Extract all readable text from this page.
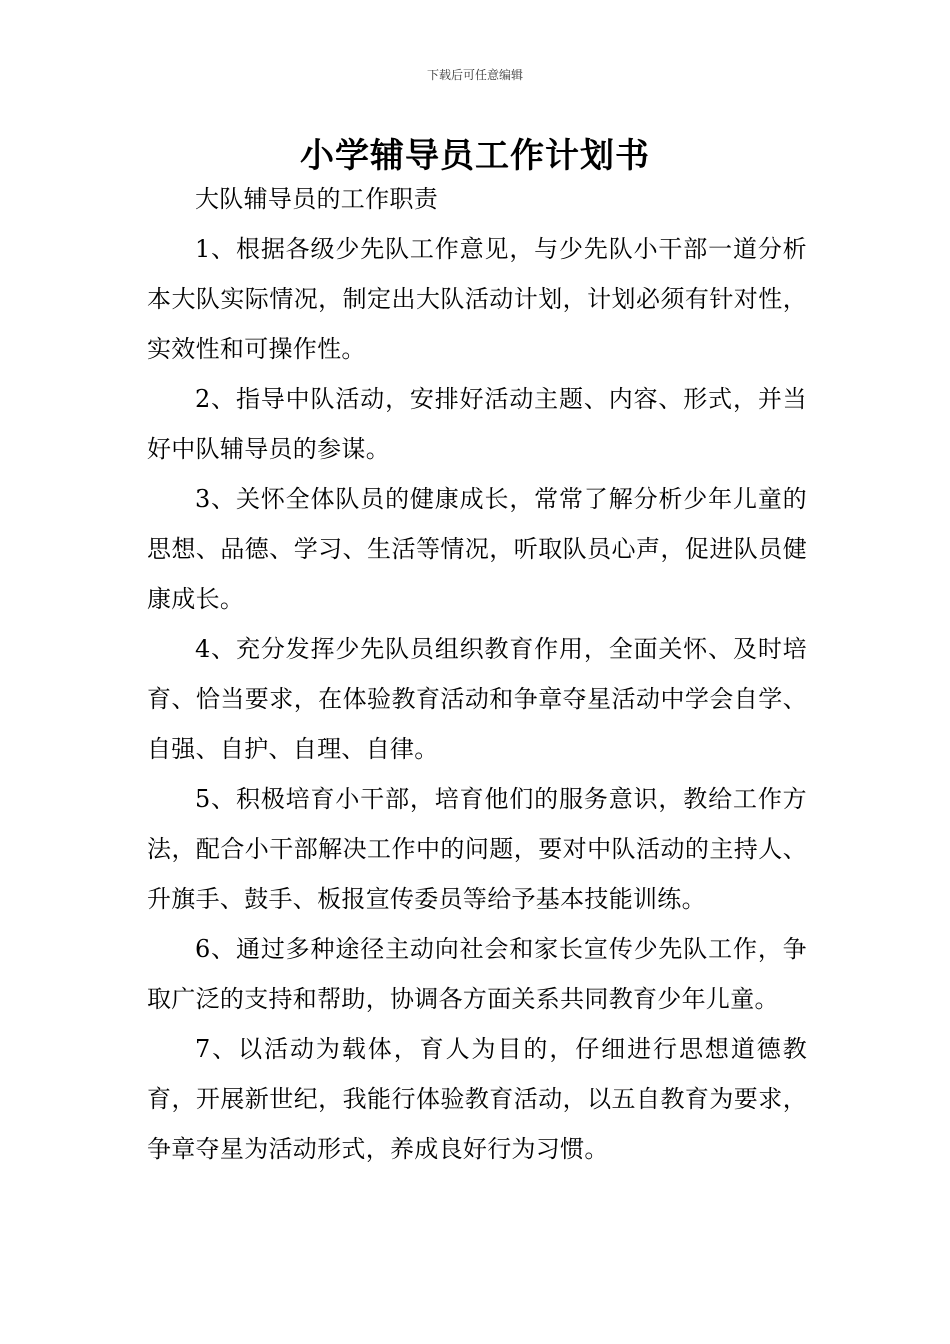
下载后可任意编辑
小学辅导员工作计划书

大队辅导员的工作职责

1、根据各级少先队工作意见，与少先队小干部一道分析本大队实际情况，制定出大队活动计划，计划必须有针对性，实效性和可操作性。

2、指导中队活动，安排好活动主题、内容、形式，并当好中队辅导员的参谋。

3、关怀全体队员的健康成长，常常了解分析少年儿童的思想、品德、学习、生活等情况，听取队员心声，促进队员健康成长。

4、充分发挥少先队员组织教育作用，全面关怀、及时培育、恰当要求，在体验教育活动和争章夺星活动中学会自学、自强、自护、自理、自律。

5、积极培育小干部，培育他们的服务意识，教给工作方法，配合小干部解决工作中的问题，要对中队活动的主持人、升旗手、鼓手、板报宣传委员等给予基本技能训练。

6、通过多种途径主动向社会和家长宣传少先队工作，争取广泛的支持和帮助，协调各方面关系共同教育少年儿童。

7、以活动为载体，育人为目的，仔细进行思想道德教育，开展新世纪，我能行体验教育活动，以五自教育为要求，争章夺星为活动形式，养成良好行为习惯。
